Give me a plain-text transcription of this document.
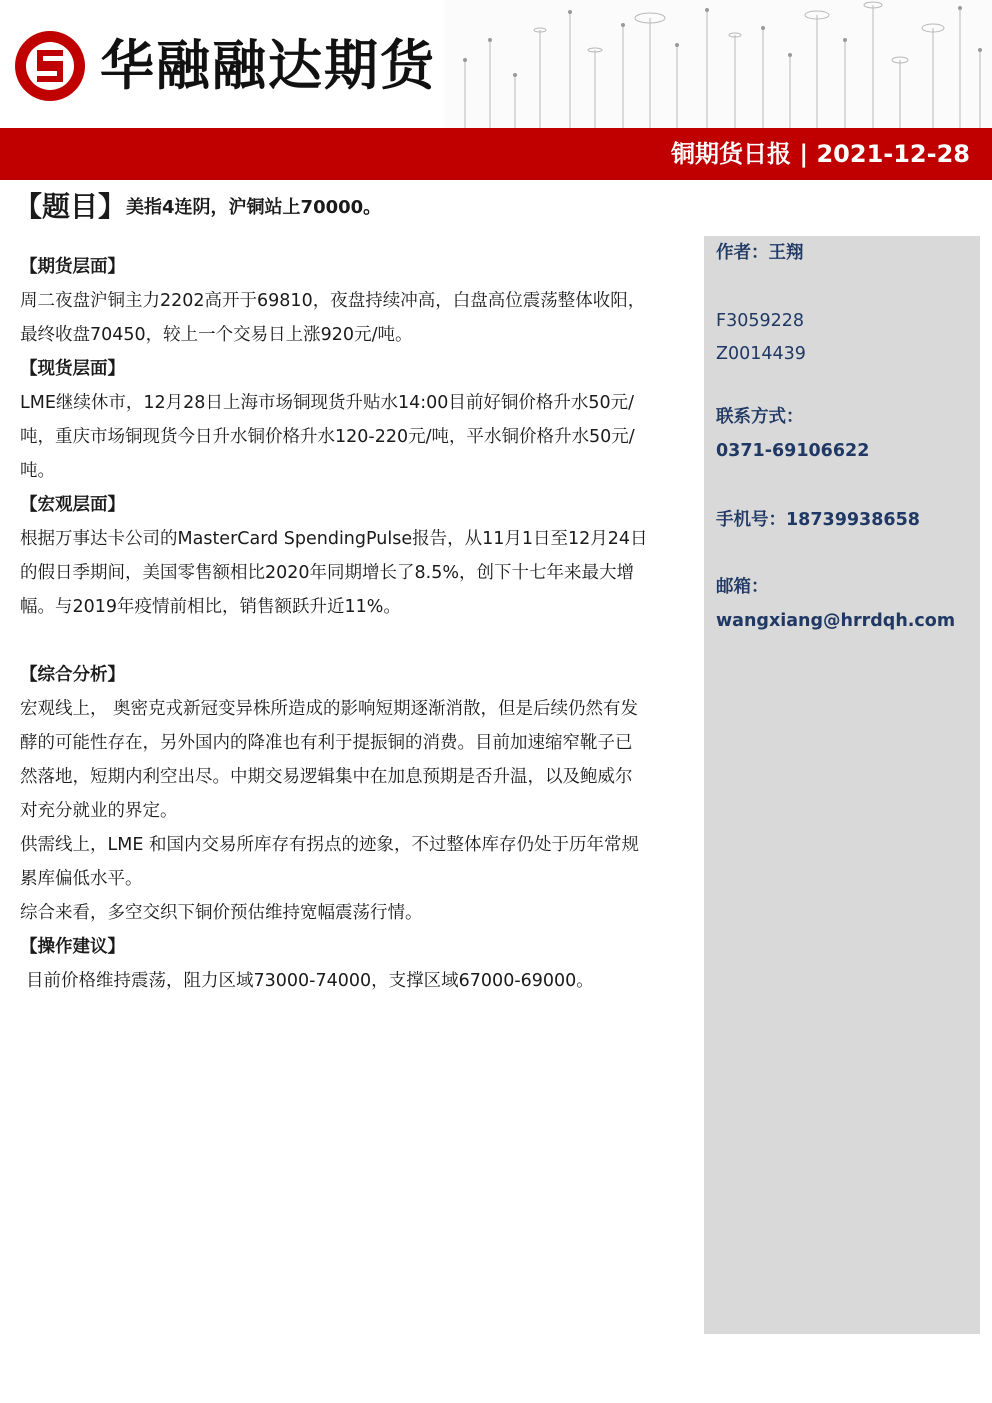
华融融达期货
铜期货日报 | 2021-12-28
【题目】美指4连阴，沪铜站上70000。

【期货层面】

周二夜盘沪铜主力2202高开于69810，夜盘持续冲高，白盘高位震荡整体收阳，

最终收盘70450，较上一个交易日上涨920元/吨。

【现货层面】

LME继续休市，12月28日上海市场铜现货升贴水14:00目前好铜价格升水50元/

吨，重庆市场铜现货今日升水铜价格升水120-220元/吨，平水铜价格升水50元/

吨。

【宏观层面】

根据万事达卡公司的MasterCard SpendingPulse报告，从11月1日至12月24日

的假日季期间，美国零售额相比2020年同期增长了8.5%，创下十七年来最大增

幅。与2019年疫情前相比，销售额跃升近11%。

【综合分析】

宏观线上， 奥密克戎新冠变异株所造成的影响短期逐渐消散，但是后续仍然有发

酵的可能性存在，另外国内的降准也有利于提振铜的消费。目前加速缩窄靴子已

然落地，短期内利空出尽。中期交易逻辑集中在加息预期是否升温，以及鲍威尔

对充分就业的界定。

供需线上，LME 和国内交易所库存有拐点的迹象，不过整体库存仍处于历年常规

累库偏低水平。

综合来看，多空交织下铜价预估维持宽幅震荡行情。

【操作建议】

目前价格维持震荡，阻力区域73000-74000，支撑区域67000-69000。

作者：王翔
F3059228
Z0014439
联系方式：
0371-69106622
手机号：18739938658
邮箱：
wangxiang@hrrdqh.com
